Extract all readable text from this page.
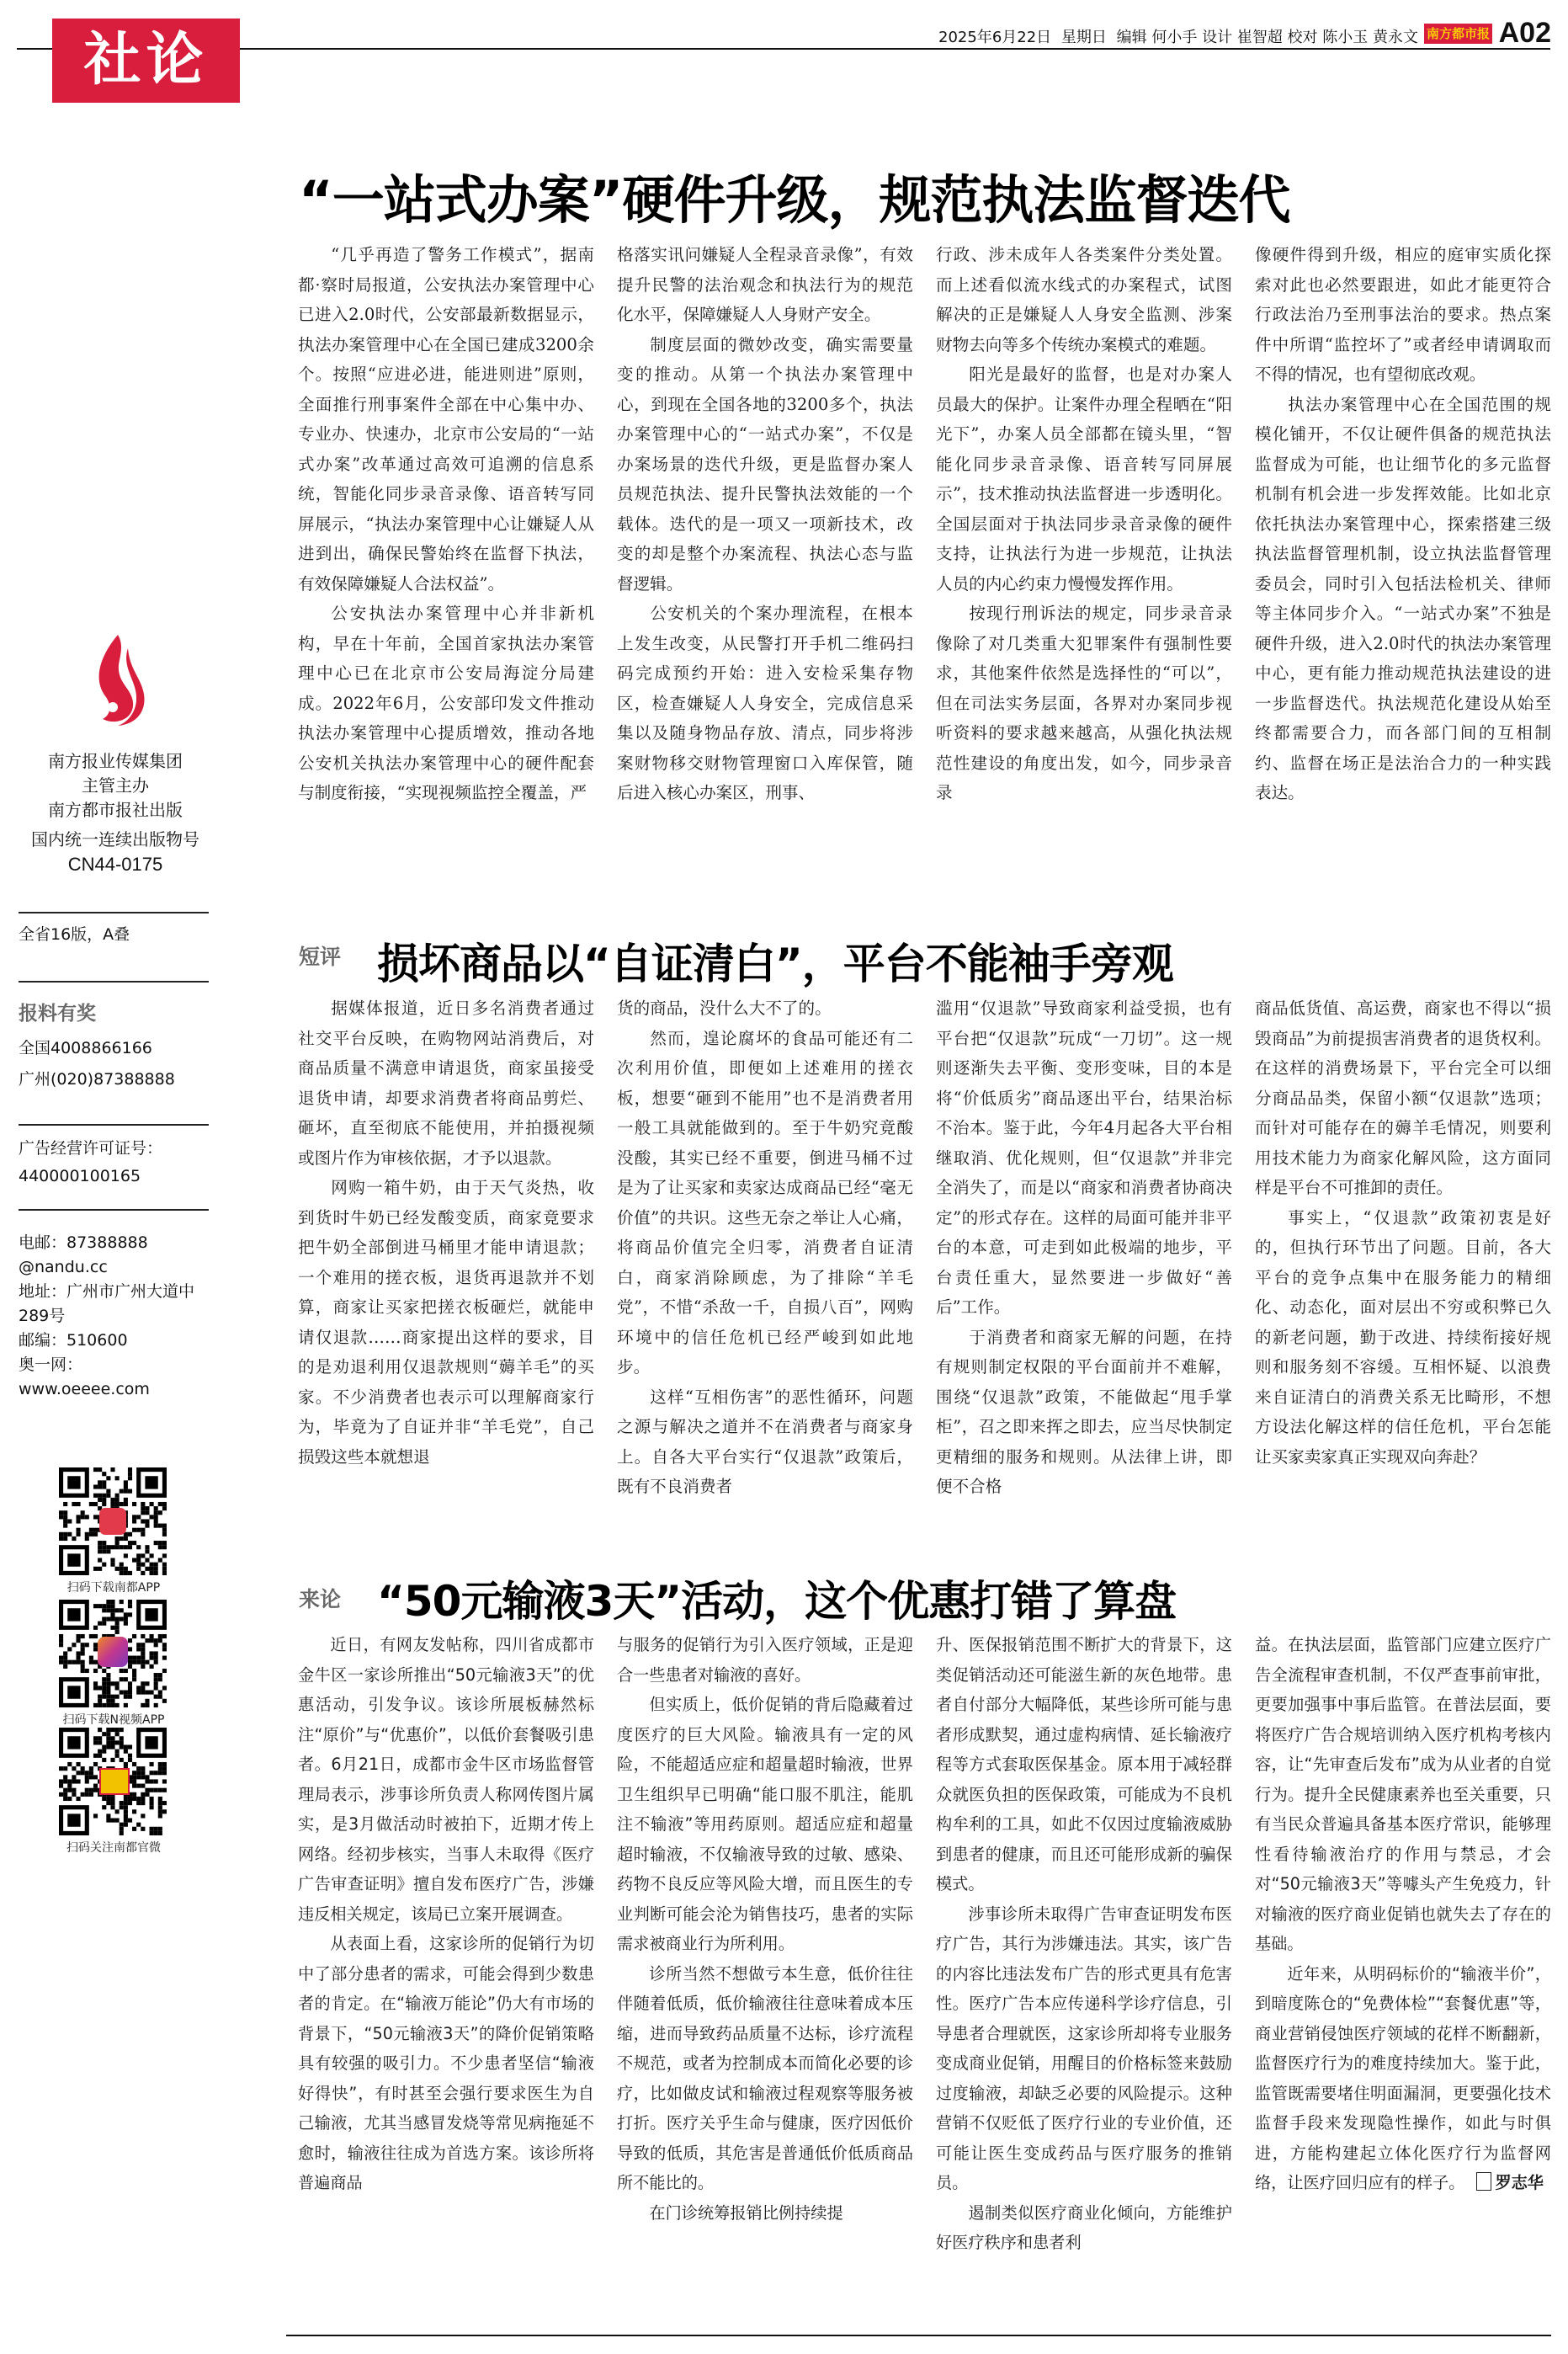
社论	2025年6月22日 星期日 编辑 何小手 设计 崔智超 校对 陈小玉 黄永文 南方都市报 A02
南方报业传媒集团
主管主办
南方都市报社出版
国内统一连续出版物号
CN44-0175
全省16版，A叠
报料有奖
全国4008866166
广州(020)87388888
广告经营许可证号：
440000100165
电邮：87388888
@nandu.cc
地址：广州市广州大道中
289号
邮编：510600
奥一网：
www.oeeee.com
扫码下载南都APP
扫码下载N视频APP
扫码关注南都官微
“一站式办案”硬件升级，规范执法监督迭代

“几乎再造了警务工作模式”，据南都·察时局报道，公安执法办案管理中心已进入2.0时代，公安部最新数据显示，执法办案管理中心在全国已建成3200余个。按照“应进必进，能进则进”原则，全面推行刑事案件全部在中心集中办、专业办、快速办，北京市公安局的“一站式办案”改革通过高效可追溯的信息系统，智能化同步录音录像、语音转写同屏展示，“执法办案管理中心让嫌疑人从进到出，确保民警始终在监督下执法，有效保障嫌疑人合法权益”。

公安执法办案管理中心并非新机构，早在十年前，全国首家执法办案管理中心已在北京市公安局海淀分局建成。2022年6月，公安部印发文件推动执法办案管理中心提质增效，推动各地公安机关执法办案管理中心的硬件配套与制度衔接，“实现视频监控全覆盖，严

格落实讯问嫌疑人全程录音录像”，有效提升民警的法治观念和执法行为的规范化水平，保障嫌疑人人身财产安全。

制度层面的微妙改变，确实需要量变的推动。从第一个执法办案管理中心，到现在全国各地的3200多个，执法办案管理中心的“一站式办案”，不仅是办案场景的迭代升级，更是监督办案人员规范执法、提升民警执法效能的一个载体。迭代的是一项又一项新技术，改变的却是整个办案流程、执法心态与监督逻辑。

公安机关的个案办理流程，在根本上发生改变，从民警打开手机二维码扫码完成预约开始：进入安检采集存物区，检查嫌疑人人身安全，完成信息采集以及随身物品存放、清点，同步将涉案财物移交财物管理窗口入库保管，随后进入核心办案区，刑事、

行政、涉未成年人各类案件分类处置。而上述看似流水线式的办案程式，试图解决的正是嫌疑人人身安全监测、涉案财物去向等多个传统办案模式的难题。

阳光是最好的监督，也是对办案人员最大的保护。让案件办理全程晒在“阳光下”，办案人员全部都在镜头里，“智能化同步录音录像、语音转写同屏展示”，技术推动执法监督进一步透明化。全国层面对于执法同步录音录像的硬件支持，让执法行为进一步规范，让执法人员的内心约束力慢慢发挥作用。

按现行刑诉法的规定，同步录音录像除了对几类重大犯罪案件有强制性要求，其他案件依然是选择性的“可以”，但在司法实务层面，各界对办案同步视听资料的要求越来越高，从强化执法规范性建设的角度出发，如今，同步录音录

像硬件得到升级，相应的庭审实质化探索对此也必然要跟进，如此才能更符合行政法治乃至刑事法治的要求。热点案件中所谓“监控坏了”或者经申请调取而不得的情况，也有望彻底改观。

执法办案管理中心在全国范围的规模化铺开，不仅让硬件俱备的规范执法监督成为可能，也让细节化的多元监督机制有机会进一步发挥效能。比如北京依托执法办案管理中心，探索搭建三级执法监督管理机制，设立执法监督管理委员会，同时引入包括法检机关、律师等主体同步介入。“一站式办案”不独是硬件升级，进入2.0时代的执法办案管理中心，更有能力推动规范执法建设的进一步监督迭代。执法规范化建设从始至终都需要合力，而各部门间的互相制约、监督在场正是法治合力的一种实践表达。

短评 损坏商品以“自证清白”，平台不能袖手旁观

据媒体报道，近日多名消费者通过社交平台反映，在购物网站消费后，对商品质量不满意申请退货，商家虽接受退货申请，却要求消费者将商品剪烂、砸坏，直至彻底不能使用，并拍摄视频或图片作为审核依据，才予以退款。

网购一箱牛奶，由于天气炎热，收到货时牛奶已经发酸变质，商家竟要求把牛奶全部倒进马桶里才能申请退款；一个难用的搓衣板，退货再退款并不划算，商家让买家把搓衣板砸烂，就能申请仅退款……商家提出这样的要求，目的是劝退利用仅退款规则“薅羊毛”的买家。不少消费者也表示可以理解商家行为，毕竟为了自证并非“羊毛党”，自己损毁这些本就想退

货的商品，没什么大不了的。

然而，遑论腐坏的食品可能还有二次利用价值，即便如上述难用的搓衣板，想要“砸到不能用”也不是消费者用一般工具就能做到的。至于牛奶究竟酸没酸，其实已经不重要，倒进马桶不过是为了让买家和卖家达成商品已经“毫无价值”的共识。这些无奈之举让人心痛，将商品价值完全归零，消费者自证清白，商家消除顾虑，为了排除“羊毛党”，不惜“杀敌一千，自损八百”，网购环境中的信任危机已经严峻到如此地步。

这样“互相伤害”的恶性循环，问题之源与解决之道并不在消费者与商家身上。自各大平台实行“仅退款”政策后，既有不良消费者

滥用“仅退款”导致商家利益受损，也有平台把“仅退款”玩成“一刀切”。这一规则逐渐失去平衡、变形变味，目的本是将“价低质劣”商品逐出平台，结果治标不治本。鉴于此，今年4月起各大平台相继取消、优化规则，但“仅退款”并非完全消失了，而是以“商家和消费者协商决定”的形式存在。这样的局面可能并非平台的本意，可走到如此极端的地步，平台责任重大，显然要进一步做好“善后”工作。

于消费者和商家无解的问题，在持有规则制定权限的平台面前并不难解，围绕“仅退款”政策，不能做起“甩手掌柜”，召之即来挥之即去，应当尽快制定更精细的服务和规则。从法律上讲，即便不合格

商品低货值、高运费，商家也不得以“损毁商品”为前提损害消费者的退货权利。在这样的消费场景下，平台完全可以细分商品品类，保留小额“仅退款”选项；而针对可能存在的薅羊毛情况，则要利用技术能力为商家化解风险，这方面同样是平台不可推卸的责任。

事实上，“仅退款”政策初衷是好的，但执行环节出了问题。目前，各大平台的竞争点集中在服务能力的精细化、动态化，面对层出不穷或积弊已久的新老问题，勤于改进、持续衔接好规则和服务刻不容缓。互相怀疑、以浪费来自证清白的消费关系无比畸形，不想方设法化解这样的信任危机，平台怎能让买家卖家真正实现双向奔赴？

来论 “50元输液3天”活动，这个优惠打错了算盘

近日，有网友发帖称，四川省成都市金牛区一家诊所推出“50元输液3天”的优惠活动，引发争议。该诊所展板赫然标注“原价”与“优惠价”，以低价套餐吸引患者。6月21日，成都市金牛区市场监督管理局表示，涉事诊所负责人称网传图片属实，是3月做活动时被拍下，近期才传上网络。经初步核实，当事人未取得《医疗广告审查证明》擅自发布医疗广告，涉嫌违反相关规定，该局已立案开展调查。

从表面上看，这家诊所的促销行为切中了部分患者的需求，可能会得到少数患者的肯定。在“输液万能论”仍大有市场的背景下，“50元输液3天”的降价促销策略具有较强的吸引力。不少患者坚信“输液好得快”，有时甚至会强行要求医生为自己输液，尤其当感冒发烧等常见病拖延不愈时，输液往往成为首选方案。该诊所将普遍商品

与服务的促销行为引入医疗领域，正是迎合一些患者对输液的喜好。

但实质上，低价促销的背后隐藏着过度医疗的巨大风险。输液具有一定的风险，不能超适应症和超量超时输液，世界卫生组织早已明确“能口服不肌注，能肌注不输液”等用药原则。超适应症和超量超时输液，不仅输液导致的过敏、感染、药物不良反应等风险大增，而且医生的专业判断可能会沦为销售技巧，患者的实际需求被商业行为所利用。

诊所当然不想做亏本生意，低价往往伴随着低质，低价输液往往意味着成本压缩，进而导致药品质量不达标，诊疗流程不规范，或者为控制成本而简化必要的诊疗，比如做皮试和输液过程观察等服务被打折。医疗关乎生命与健康，医疗因低价导致的低质，其危害是普通低价低质商品所不能比的。

在门诊统筹报销比例持续提

升、医保报销范围不断扩大的背景下，这类促销活动还可能滋生新的灰色地带。患者自付部分大幅降低，某些诊所可能与患者形成默契，通过虚构病情、延长输液疗程等方式套取医保基金。原本用于减轻群众就医负担的医保政策，可能成为不良机构牟利的工具，如此不仅因过度输液威胁到患者的健康，而且还可能形成新的骗保模式。

涉事诊所未取得广告审查证明发布医疗广告，其行为涉嫌违法。其实，该广告的内容比违法发布广告的形式更具有危害性。医疗广告本应传递科学诊疗信息，引导患者合理就医，这家诊所却将专业服务变成商业促销，用醒目的价格标签来鼓励过度输液，却缺乏必要的风险提示。这种营销不仅贬低了医疗行业的专业价值，还可能让医生变成药品与医疗服务的推销员。

遏制类似医疗商业化倾向，方能维护好医疗秩序和患者利

益。在执法层面，监管部门应建立医疗广告全流程审查机制，不仅严查事前审批，更要加强事中事后监管。在普法层面，要将医疗广告合规培训纳入医疗机构考核内容，让“先审查后发布”成为从业者的自觉行为。提升全民健康素养也至关重要，只有当民众普遍具备基本医疗常识，能够理性看待输液治疗的作用与禁忌，才会对“50元输液3天”等噱头产生免疫力，针对输液的医疗商业促销也就失去了存在的基础。

近年来，从明码标价的“输液半价”，到暗度陈仓的“免费体检”“套餐优惠”等，商业营销侵蚀医疗领域的花样不断翻新，监督医疗行为的难度持续加大。鉴于此，监管既需要堵住明面漏洞，更要强化技术监督手段来发现隐性操作，如此与时俱进，方能构建起立体化医疗行为监督网络，让医疗回归应有的样子。 罗志华
